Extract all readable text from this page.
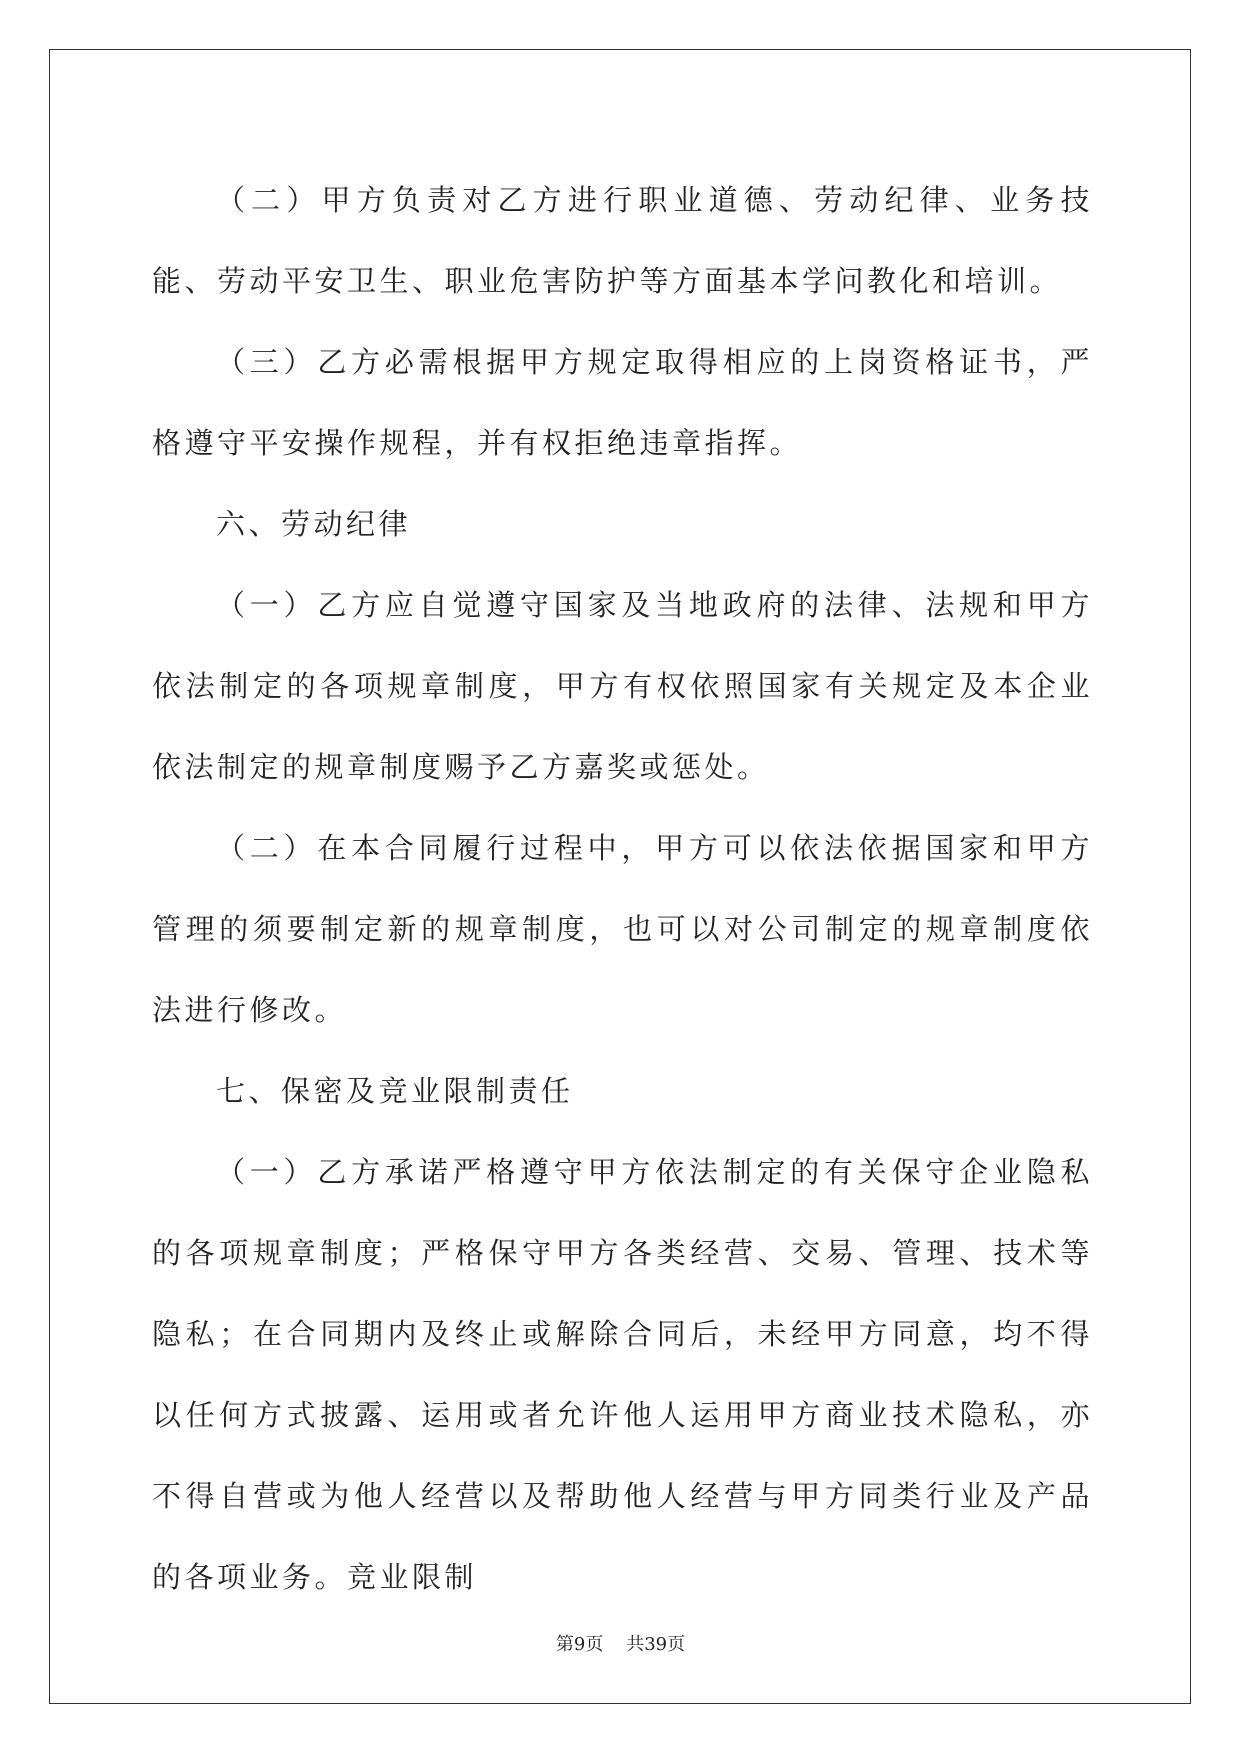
（二）甲方负责对乙方进行职业道德、劳动纪律、业务技能、劳动平安卫生、职业危害防护等方面基本学问教化和培训。

（三）乙方必需根据甲方规定取得相应的上岗资格证书，严格遵守平安操作规程，并有权拒绝违章指挥。

六、劳动纪律

（一）乙方应自觉遵守国家及当地政府的法律、法规和甲方依法制定的各项规章制度，甲方有权依照国家有关规定及本企业依法制定的规章制度赐予乙方嘉奖或惩处。

（二）在本合同履行过程中，甲方可以依法依据国家和甲方管理的须要制定新的规章制度，也可以对公司制定的规章制度依法进行修改。

七、保密及竞业限制责任

（一）乙方承诺严格遵守甲方依法制定的有关保守企业隐私的各项规章制度；严格保守甲方各类经营、交易、管理、技术等隐私；在合同期内及终止或解除合同后，未经甲方同意，均不得以任何方式披露、运用或者允许他人运用甲方商业技术隐私，亦不得自营或为他人经营以及帮助他人经营与甲方同类行业及产品的各项业务。竞业限制

第9页 共39页
